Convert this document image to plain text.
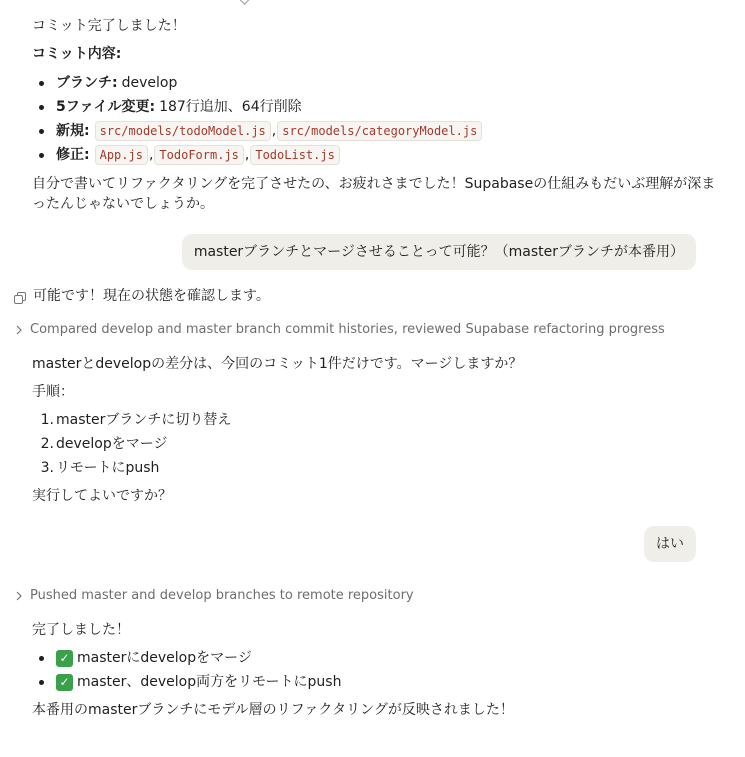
コミット完了しました！
コミット内容:
ブランチ: develop
5ファイル変更: 187行追加、64行削除
新規: src/models/todoModel.js , src/models/categoryModel.js
修正: App.js , TodoForm.js , TodoList.js
自分で書いてリファクタリングを完了させたの、お疲れさまでした！Supabaseの仕組みもだいぶ理解が深ま
ったんじゃないでしょうか。
masterブランチとマージさせることって可能？（masterブランチが本番用）
可能です！現在の状態を確認します。
Compared develop and master branch commit histories, reviewed Supabase refactoring progress
masterとdevelopの差分は、今回のコミット1件だけです。マージしますか？
手順：
1. masterブランチに切り替え
2. developをマージ
3. リモートにpush
実行してよいですか？
はい
Pushed master and develop branches to remote repository
完了しました！
✓ masterにdevelopをマージ
✓ master、develop両方をリモートにpush
本番用のmasterブランチにモデル層のリファクタリングが反映されました！
